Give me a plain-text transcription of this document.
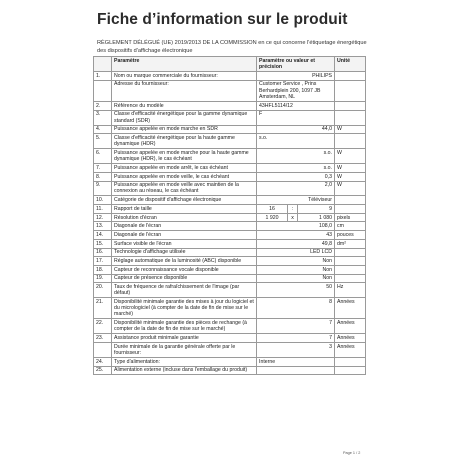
Fiche d’information sur le produit
RÈGLEMENT DÉLÉGUÉ (UE) 2019/2013 DE LA COMMISSION en ce qui concerne l'étiquetage énergétique des dispositifs d'affichage électronique
	Paramètre	Paramètre ou valeur et précision			Unité
1.	Nom ou marque commerciale du fournisseur:	PHILIPS			
	Adresse du fournisseur:	Customer Service , Prins Berhardplein 200, 1097 JB Amsterdam, NL			
2.	Référence du modèle	43HFL5114/12			
3.	Classe d'efficacité énergétique pour la gamme dynamique standard (SDR)	F			
4.	Puissance appelée en mode marche en SDR	44,0			W
5.	Classe d'efficacité énergétique pour la haute gamme dynamique (HDR)	s.o.			
6.	Puissance appelée en mode marche pour la haute gamme dynamique (HDR), le cas échéant	s.o.			W
7.	Puissance appelée en mode arrêt, le cas échéant	s.o.			W
8.	Puissance appelée en mode veille, le cas échéant	0,3			W
9.	Puissance appelée en mode veille avec maintien de la connexion au réseau, le cas échéant	2,0			W
10.	Catégorie de dispositif d'affichage électronique	Téléviseur			
11.	Rapport de taille	16	:	9	
12.	Résolution d'écran	1 920	x	1 080	pixels
13.	Diagonale de l'écran	108,0			cm
14.	Diagonale de l'écran	43			pouces
15.	Surface visible de l'écran	49,8			dm²
16.	Technologie d'affichage utilisée	LED LCD			
17.	Réglage automatique de la luminosité (ABC) disponible	Non			
18.	Capteur de reconnaissance vocale disponible	Non			
19.	Capteur de présence disponible	Non			
20.	Taux de fréquence de rafraîchissement de l'image (par défaut)	50			Hz
21.	Disponibilité minimale garantie des mises à jour du logiciel et du micrologiciel (à compter de la date de fin de mise sur le marché)	8			Années
22.	Disponibilité minimale garantie des pièces de rechange (à compter de la date de fin de mise sur le marché)	7			Années
23.	Assistance produit minimale garantie	7			Années
	Durée minimale de la garantie générale offerte par le fournisseur:	3			Années
24.	Type d'alimentation:	Interne			
25.	Alimentation externe (incluse dans l'emballage du produit)				
Page 1 / 2
